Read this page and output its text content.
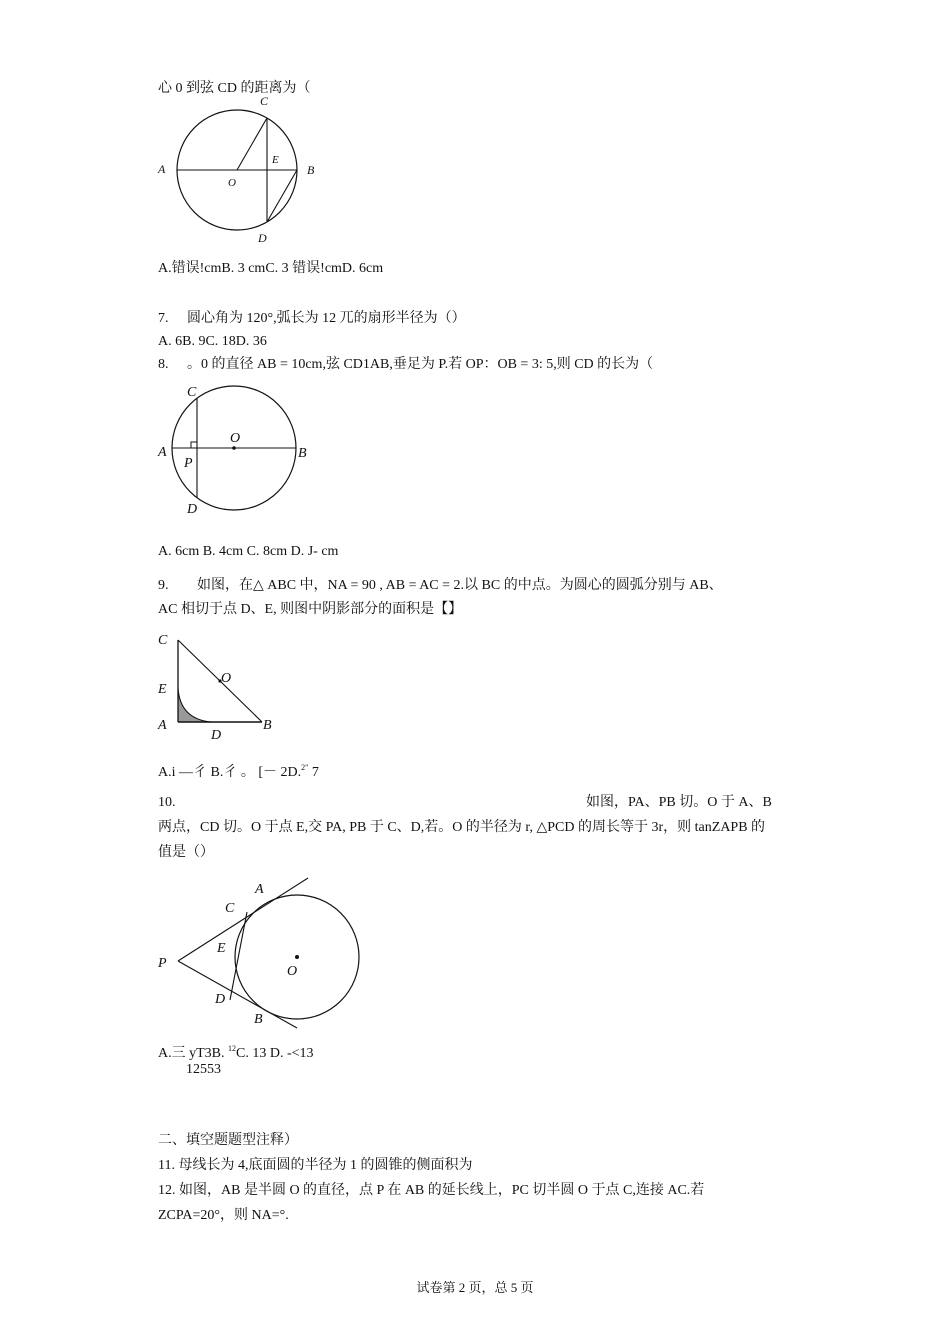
心 0 到弦 CD 的距离为（
A	B
C
D
E
O
A.错误!cmB. 3 cmC. 3 错误!cmD. 6cm
7. 圆心角为 120°,弧长为 12 兀的扇形半径为（）
A. 6B. 9C. 18D. 36
8. 。0 的直径 AB = 10cm,弦 CD1AB,垂足为 P.若 OP：OB = 3: 5,则 CD 的长为（
A	B
C
D
O
P
A. 6cm B. 4cm C. 8cm D. J- cm
9. 如图，在△ ABC 中，NA = 90 , AB = AC = 2.以 BC 的中点。为圆心的圆弧分别与 AB、
AC 相切于点 D、E, 则图中阴影部分的面积是【】
C
E
A
D
B
O
A.i —彳 B.彳 。 [－ 2D.$^{2"}$ 7
10.	如图，PA、PB 切。O 于 A、B
两点，CD 切。O 于点 E,交 PA, PB 于 C、D,若。O 的半径为 r, △PCD 的周长等于 3r，则 tanZAPB 的
值是（）
P
A
C
E
O
D
B
A.三 yT3B. $^{12}$C. 13 D. -<13
12553
二、填空题题型注释）
11. 母线长为 4,底面圆的半径为 1 的圆锥的侧面积为
12. 如图，AB 是半圆 O 的直径，点 P 在 AB 的延长线上，PC 切半圆 O 于点 C,连接 AC.若
ZCPA=20°，则 NA=°.
试卷第 2 页，总 5 页
